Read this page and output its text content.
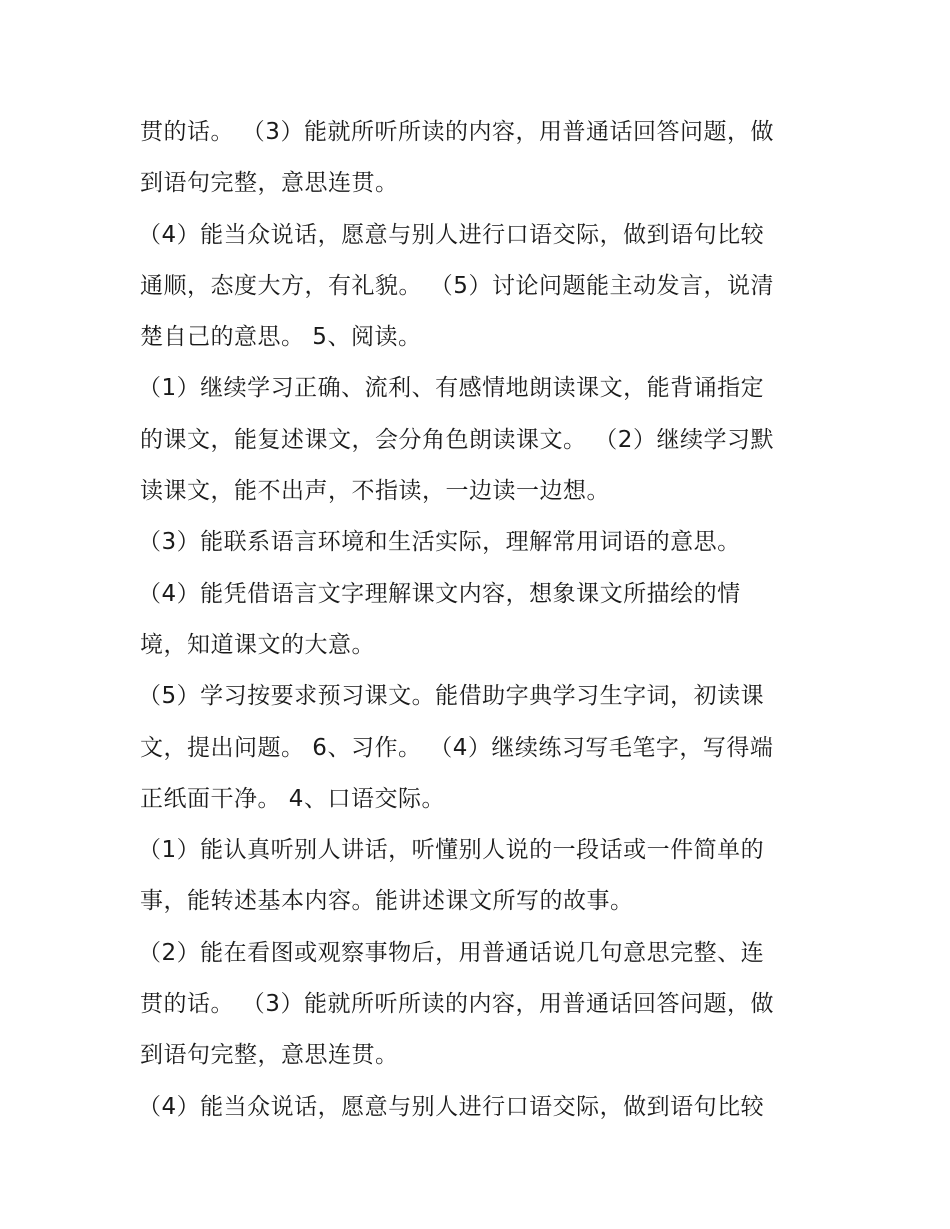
贯的话。 （3）能就所听所读的内容，用普通话回答问题，做
到语句完整，意思连贯。
（4）能当众说话，愿意与别人进行口语交际，做到语句比较
通顺，态度大方，有礼貌。 （5）讨论问题能主动发言，说清
楚自己的意思。 5、阅读。
（1）继续学习正确、流利、有感情地朗读课文，能背诵指定
的课文，能复述课文，会分角色朗读课文。 （2）继续学习默
读课文，能不出声，不指读，一边读一边想。
（3）能联系语言环境和生活实际，理解常用词语的意思。
（4）能凭借语言文字理解课文内容，想象课文所描绘的情
境，知道课文的大意。
（5）学习按要求预习课文。能借助字典学习生字词，初读课
文，提出问题。 6、习作。 （4）继续练习写毛笔字，写得端
正纸面干净。 4、口语交际。
（1）能认真听别人讲话，听懂别人说的一段话或一件简单的
事，能转述基本内容。能讲述课文所写的故事。
（2）能在看图或观察事物后，用普通话说几句意思完整、连
贯的话。 （3）能就所听所读的内容，用普通话回答问题，做
到语句完整，意思连贯。
（4）能当众说话，愿意与别人进行口语交际，做到语句比较
